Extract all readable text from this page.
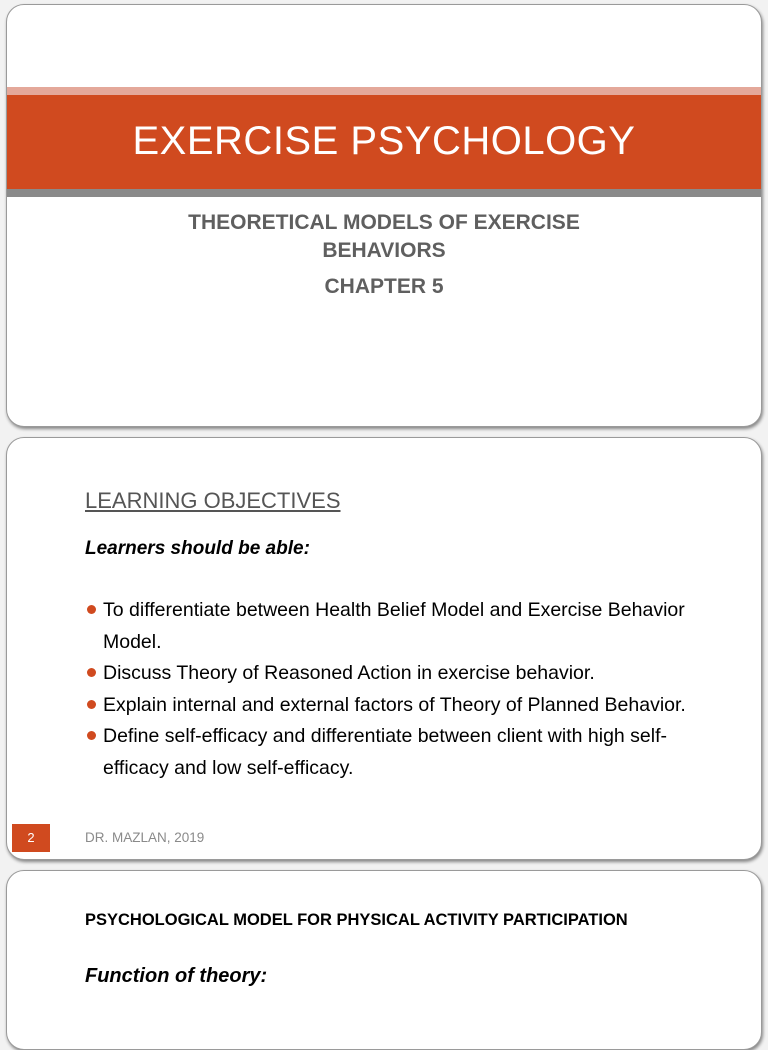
EXERCISE PSYCHOLOGY
THEORETICAL MODELS OF EXERCISE
BEHAVIORS
CHAPTER 5
LEARNING OBJECTIVES
Learners should be able:
To differentiate between Health Belief Model and Exercise Behavior Model.
Discuss Theory of Reasoned Action in exercise behavior.
Explain internal and external factors of Theory of Planned Behavior.
Define self-efficacy and differentiate between client with high self-efficacy and low self-efficacy.
2	DR. MAZLAN, 2019
PSYCHOLOGICAL MODEL FOR PHYSICAL ACTIVITY PARTICIPATION
Function of theory:
